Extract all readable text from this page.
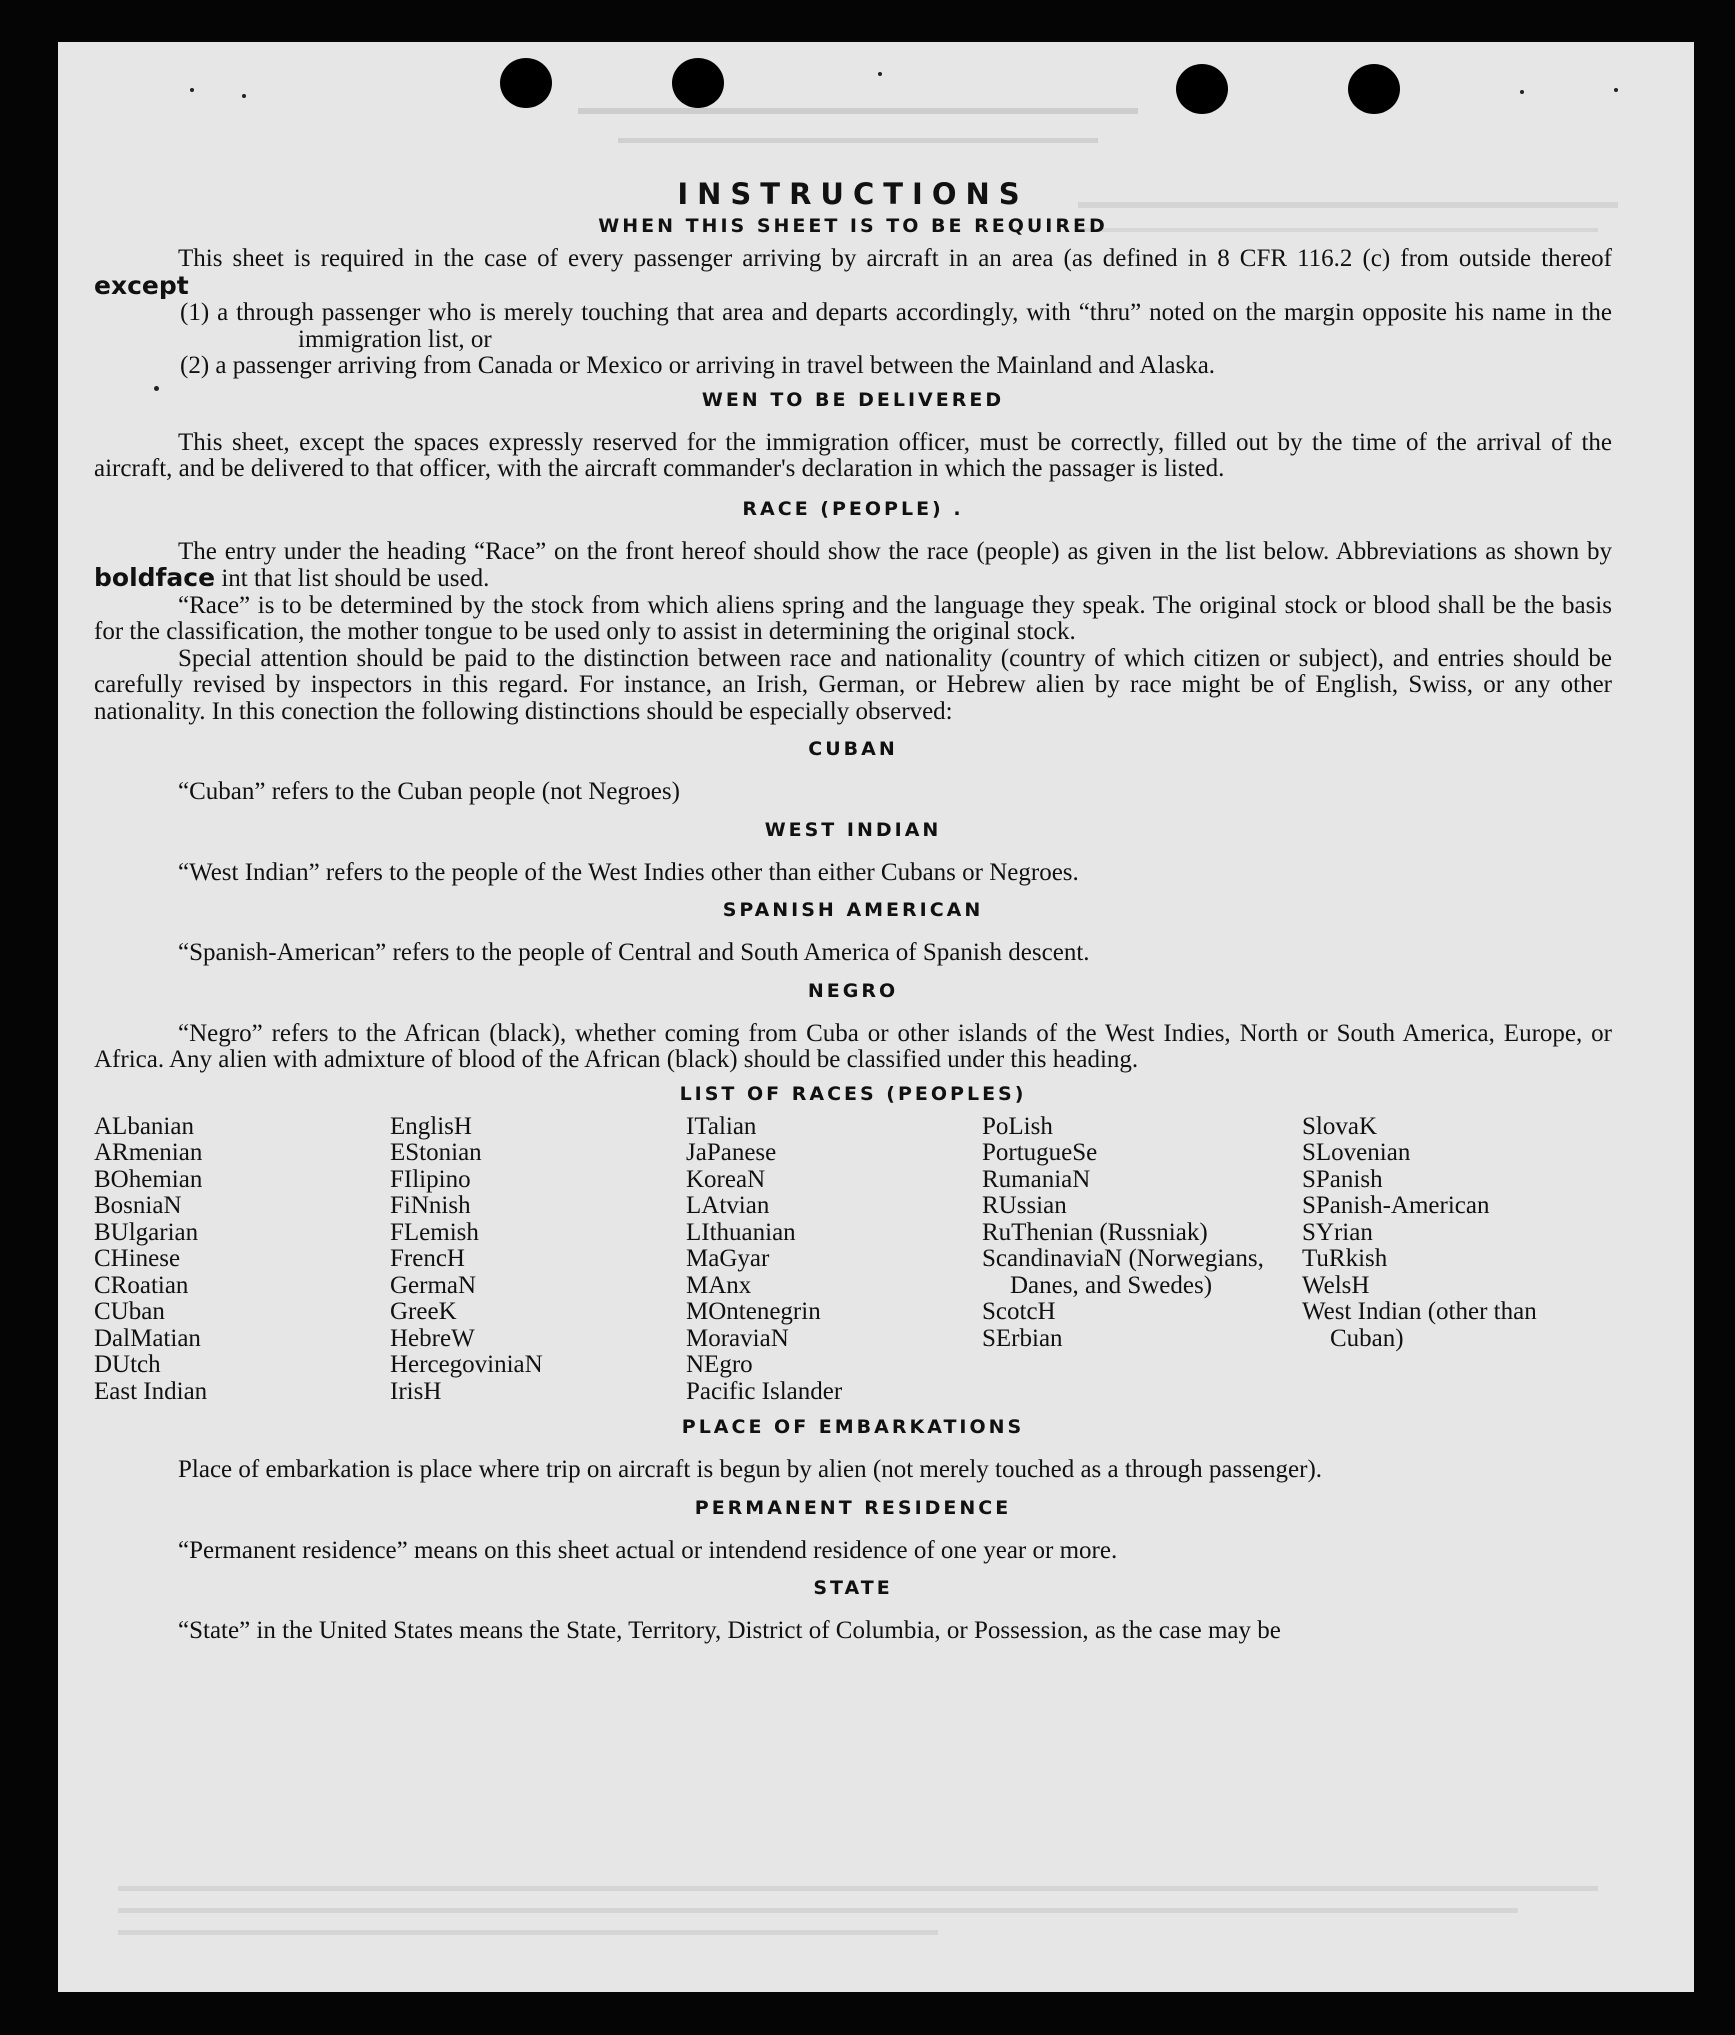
INSTRUCTIONS
WHEN THIS SHEET IS TO BE REQUIRED

This sheet is required in the case of every passenger arriving by aircraft in an area (as defined in 8 CFR 116.2 (c) from outside thereof except

(1) a through passenger who is merely touching that area and departs accordingly, with “thru” noted on the margin opposite his name in the immigration list, or

(2) a passenger arriving from Canada or Mexico or arriving in travel between the Mainland and Alaska.

WEN TO BE DELIVERED

This sheet, except the spaces expressly reserved for the immigration officer, must be correctly, filled out by the time of the arrival of the aircraft, and be delivered to that officer, with the aircraft commander's declaration in which the passager is listed.

RACE (PEOPLE) .

The entry under the heading “Race” on the front hereof should show the race (people) as given in the list below. Abbreviations as shown by boldface int that list should be used.

“Race” is to be determined by the stock from which aliens spring and the language they speak. The original stock or blood shall be the basis for the classification, the mother tongue to be used only to assist in determining the original stock.

Special attention should be paid to the distinction between race and nationality (country of which citizen or subject), and entries should be carefully revised by inspectors in this regard. For instance, an Irish, German, or Hebrew alien by race might be of English, Swiss, or any other nationality. In this conection the following distinctions should be especially observed:

CUBAN

“Cuban” refers to the Cuban people (not Negroes)

WEST INDIAN

“West Indian” refers to the people of the West Indies other than either Cubans or Negroes.

SPANISH AMERICAN

“Spanish-American” refers to the people of Central and South America of Spanish descent.

NEGRO

“Negro” refers to the African (black), whether coming from Cuba or other islands of the West Indies, North or South America, Europe, or Africa. Any alien with admixture of blood of the African (black) should be classified under this heading.

LIST OF RACES (PEOPLES)
ALbanian
ARmenian
BOhemian
BosniaN
BUlgarian
CHinese
CRoatian
CUban
DalMatian
DUtch
East Indian
EnglisH
EStonian
FIlipino
FiNnish
FLemish
FrencH
GermaN
GreeK
HebreW
HercegoviniaN
IrisH
ITalian
JaPanese
KoreaN
LAtvian
LIthuanian
MaGyar
MAnx
MOntenegrin
MoraviaN
NEgro
Pacific Islander
PoLish
PortugueSe
RumaniaN
RUssian
RuThenian (Russniak)
ScandinaviaN (Norwegians, Danes, and Swedes)
ScotcH
SErbian
SlovaK
SLovenian
SPanish
SPanish-American
SYrian
TuRkish
WelsH
West Indian (other than Cuban)
PLACE OF EMBARKATIONS

Place of embarkation is place where trip on aircraft is begun by alien (not merely touched as a through passenger).

PERMANENT RESIDENCE

“Permanent residence” means on this sheet actual or intendend residence of one year or more.

STATE

“State” in the United States means the State, Territory, District of Columbia, or Possession, as the case may be
